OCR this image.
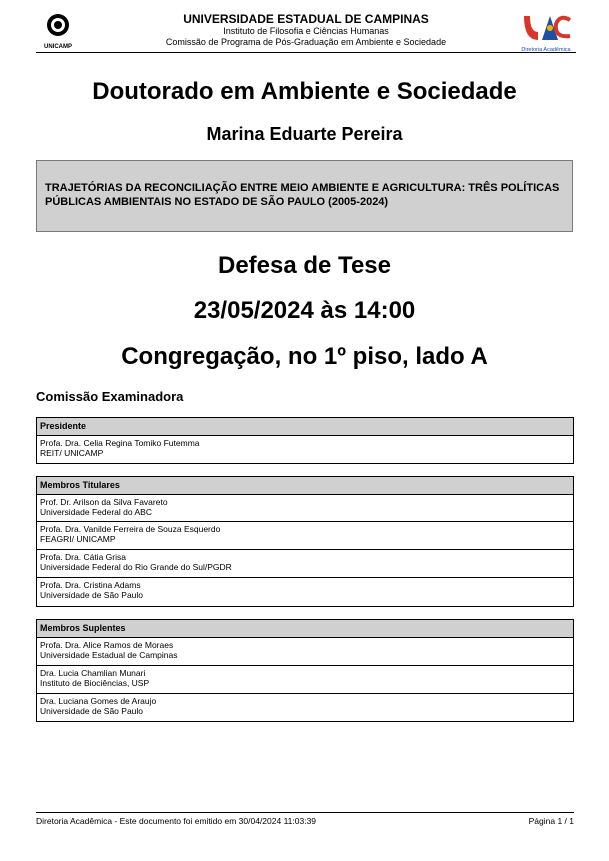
UNICAMP
UNIVERSIDADE ESTADUAL DE CAMPINAS
Instituto de Filosofia e Ciências Humanas
Comissão de Programa de Pós-Graduação em Ambiente e Sociedade
Diretoria Acadêmica
Doutorado em Ambiente e Sociedade
Marina Eduarte Pereira
TRAJETÓRIAS DA RECONCILIAÇÃO ENTRE MEIO AMBIENTE E AGRICULTURA: TRÊS POLÍTICAS PÚBLICAS AMBIENTAIS NO ESTADO DE SÃO PAULO (2005-2024)
Defesa de Tese
23/05/2024 às 14:00
Congregação, no 1º piso, lado A
Comissão Examinadora
Presidente
Profa. Dra. Celia Regina Tomiko Futemma
REIT/ UNICAMP
Membros Titulares
Prof. Dr. Arilson da Silva Favareto
Universidade Federal do ABC
Profa. Dra. Vanilde Ferreira de Souza Esquerdo
FEAGRI/ UNICAMP
Profa. Dra. Cátia Grisa
Universidade Federal do Rio Grande do Sul/PGDR
Profa. Dra. Cristina Adams
Universidade de São Paulo
Membros Suplentes
Profa. Dra. Alice Ramos de Moraes
Universidade Estadual de Campinas
Dra. Lucia Chamlian Munari
Instituto de Biociências, USP
Dra. Luciana Gomes de Araujo
Universidade de São Paulo
Diretoria Acadêmica - Este documento foi emitido em 30/04/2024 11:03:39	Página 1 / 1
